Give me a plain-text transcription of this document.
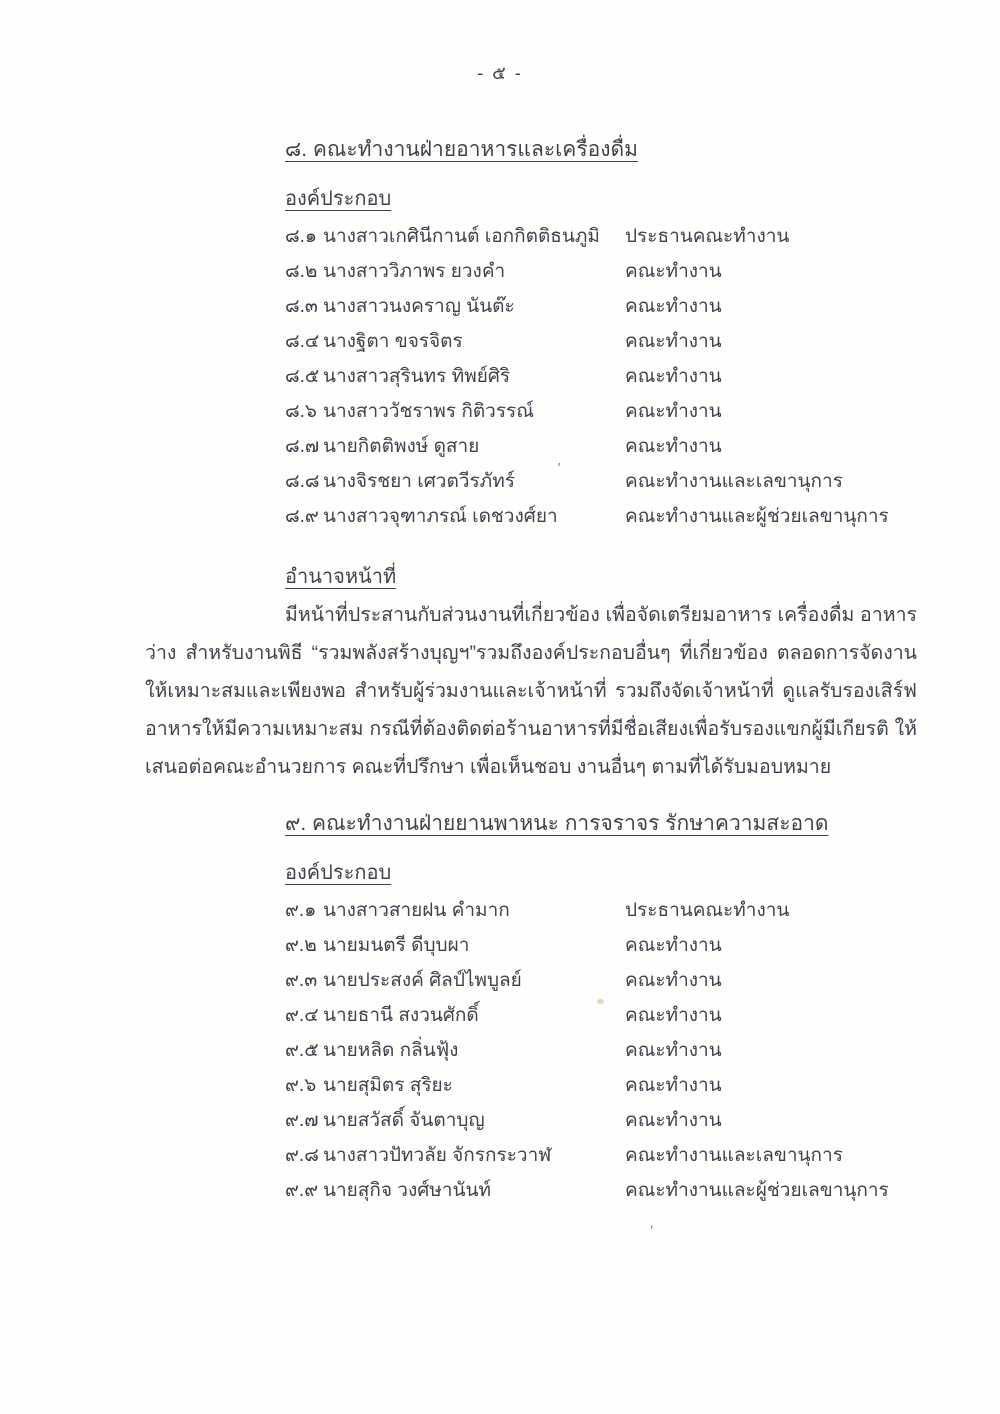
- ๕ -
๘. คณะทำงานฝ่ายอาหารและเครื่องดื่ม
องค์ประกอบ
๘.๑ นางสาวเกศินีกานต์ เอกกิตติธนภูมิ	ประธานคณะทำงาน
๘.๒ นางสาววิภาพร ยวงคำ	คณะทำงาน
๘.๓ นางสาวนงคราญ นันต๊ะ	คณะทำงาน
๘.๔ นางฐิตา ขจรจิตร	คณะทำงาน
๘.๕ นางสาวสุรินทร ทิพย์ศิริ	คณะทำงาน
๘.๖ นางสาววัชราพร กิติวรรณ์	คณะทำงาน
๘.๗ นายกิตติพงษ์ ดูสาย	คณะทำงาน
๘.๘ นางจิรชยา เศวตวีรภัทร์	คณะทำงานและเลขานุการ
๘.๙ นางสาวจุฑาภรณ์ เดชวงศ์ยา	คณะทำงานและผู้ช่วยเลขานุการ
อำนาจหน้าที่
มีหน้าที่ประสานกับส่วนงานที่เกี่ยวข้อง เพื่อจัดเตรียมอาหาร เครื่องดื่ม อาหารว่าง สำหรับงานพิธี “รวมพลังสร้างบุญฯ”รวมถึงองค์ประกอบอื่นๆ ที่เกี่ยวข้อง ตลอดการจัดงานให้เหมาะสมและเพียงพอ สำหรับผู้ร่วมงานและเจ้าหน้าที่ รวมถึงจัดเจ้าหน้าที่ ดูแลรับรองเสิร์ฟอาหารให้มีความเหมาะสม กรณีที่ต้องติดต่อร้านอาหารที่มีชื่อเสียงเพื่อรับรองแขกผู้มีเกียรติ ให้เสนอต่อคณะอำนวยการ คณะที่ปรึกษา เพื่อเห็นชอบ งานอื่นๆ ตามที่ได้รับมอบหมาย
๙. คณะทำงานฝ่ายยานพาหนะ การจราจร รักษาความสะอาด
องค์ประกอบ
๙.๑ นางสาวสายฝน คำมาก	ประธานคณะทำงาน
๙.๒ นายมนตรี ดีบุบผา	คณะทำงาน
๙.๓ นายประสงค์ ศิลป์ไพบูลย์	คณะทำงาน
๙.๔ นายธานี สงวนศักดิ์	คณะทำงาน
๙.๕ นายหลิด กลิ่นฟุ้ง	คณะทำงาน
๙.๖ นายสุมิตร สุริยะ	คณะทำงาน
๙.๗ นายสวัสดิ์ จันตาบุญ	คณะทำงาน
๙.๘ นางสาวปัทวลัย จักรกระวาฬ	คณะทำงานและเลขานุการ
๙.๙ นายสุกิจ วงศ์ษานันท์	คณะทำงานและผู้ช่วยเลขานุการ
′
‚
